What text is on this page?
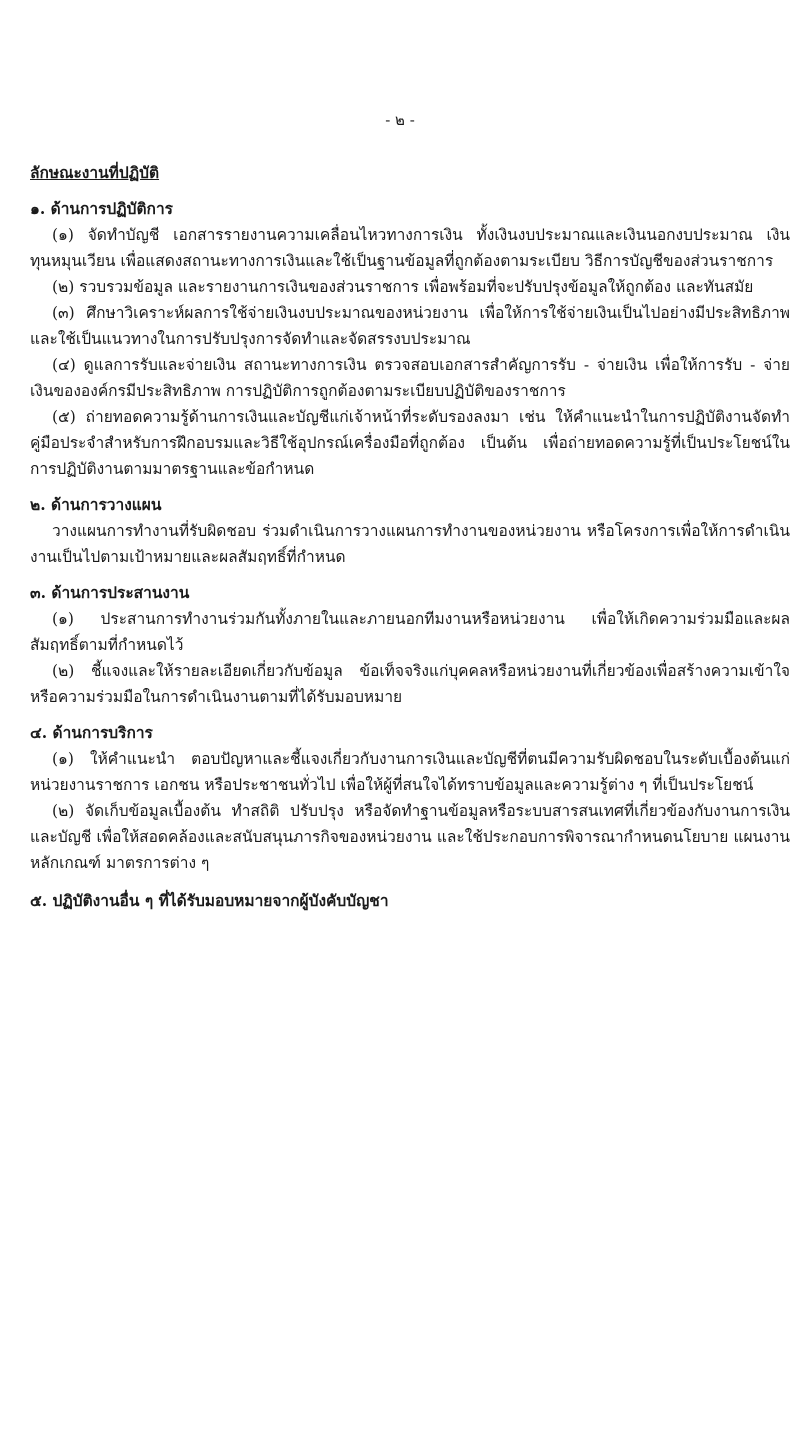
- ๒ -
ลักษณะงานที่ปฏิบัติ
๑. ด้านการปฏิบัติการ

(๑) จัดทำบัญชี เอกสารรายงานความเคลื่อนไหวทางการเงิน ทั้งเงินงบประมาณและเงินนอกงบประมาณ เงินทุนหมุนเวียน เพื่อแสดงสถานะทางการเงินและใช้เป็นฐานข้อมูลที่ถูกต้องตามระเบียบ วิธีการบัญชีของส่วนราชการ

(๒) รวบรวมข้อมูล และรายงานการเงินของส่วนราชการ เพื่อพร้อมที่จะปรับปรุงข้อมูลให้ถูกต้อง และทันสมัย

(๓) ศึกษาวิเคราะห์ผลการใช้จ่ายเงินงบประมาณของหน่วยงาน เพื่อให้การใช้จ่ายเงินเป็นไปอย่างมีประสิทธิภาพ และใช้เป็นแนวทางในการปรับปรุงการจัดทำและจัดสรรงบประมาณ

(๔) ดูแลการรับและจ่ายเงิน สถานะทางการเงิน ตรวจสอบเอกสารสำคัญการรับ - จ่ายเงิน เพื่อให้การรับ - จ่ายเงินขององค์กรมีประสิทธิภาพ การปฏิบัติการถูกต้องตามระเบียบปฏิบัติของราชการ

(๕) ถ่ายทอดความรู้ด้านการเงินและบัญชีแก่เจ้าหน้าที่ระดับรองลงมา เช่น ให้คำแนะนำในการปฏิบัติงานจัดทำคู่มือประจำสำหรับการฝึกอบรมและวิธีใช้อุปกรณ์เครื่องมือที่ถูกต้อง เป็นต้น เพื่อถ่ายทอดความรู้ที่เป็นประโยชน์ในการปฏิบัติงานตามมาตรฐานและข้อกำหนด

๒. ด้านการวางแผน

วางแผนการทำงานที่รับผิดชอบ ร่วมดำเนินการวางแผนการทำงานของหน่วยงาน หรือโครงการเพื่อให้การดำเนินงานเป็นไปตามเป้าหมายและผลสัมฤทธิ์ที่กำหนด

๓. ด้านการประสานงาน

(๑) ประสานการทำงานร่วมกันทั้งภายในและภายนอกทีมงานหรือหน่วยงาน เพื่อให้เกิดความร่วมมือและผลสัมฤทธิ์ตามที่กำหนดไว้

(๒) ชี้แจงและให้รายละเอียดเกี่ยวกับข้อมูล ข้อเท็จจริงแก่บุคคลหรือหน่วยงานที่เกี่ยวข้องเพื่อสร้างความเข้าใจหรือความร่วมมือในการดำเนินงานตามที่ได้รับมอบหมาย

๔. ด้านการบริการ

(๑) ให้คำแนะนำ ตอบปัญหาและชี้แจงเกี่ยวกับงานการเงินและบัญชีที่ตนมีความรับผิดชอบในระดับเบื้องต้นแก่หน่วยงานราชการ เอกชน หรือประชาชนทั่วไป เพื่อให้ผู้ที่สนใจได้ทราบข้อมูลและความรู้ต่าง ๆ ที่เป็นประโยชน์

(๒) จัดเก็บข้อมูลเบื้องต้น ทำสถิติ ปรับปรุง หรือจัดทำฐานข้อมูลหรือระบบสารสนเทศที่เกี่ยวข้องกับงานการเงินและบัญชี เพื่อให้สอดคล้องและสนับสนุนภารกิจของหน่วยงาน และใช้ประกอบการพิจารณากำหนดนโยบาย แผนงาน หลักเกณฑ์ มาตรการต่าง ๆ

๕. ปฏิบัติงานอื่น ๆ ที่ได้รับมอบหมายจากผู้บังคับบัญชา
